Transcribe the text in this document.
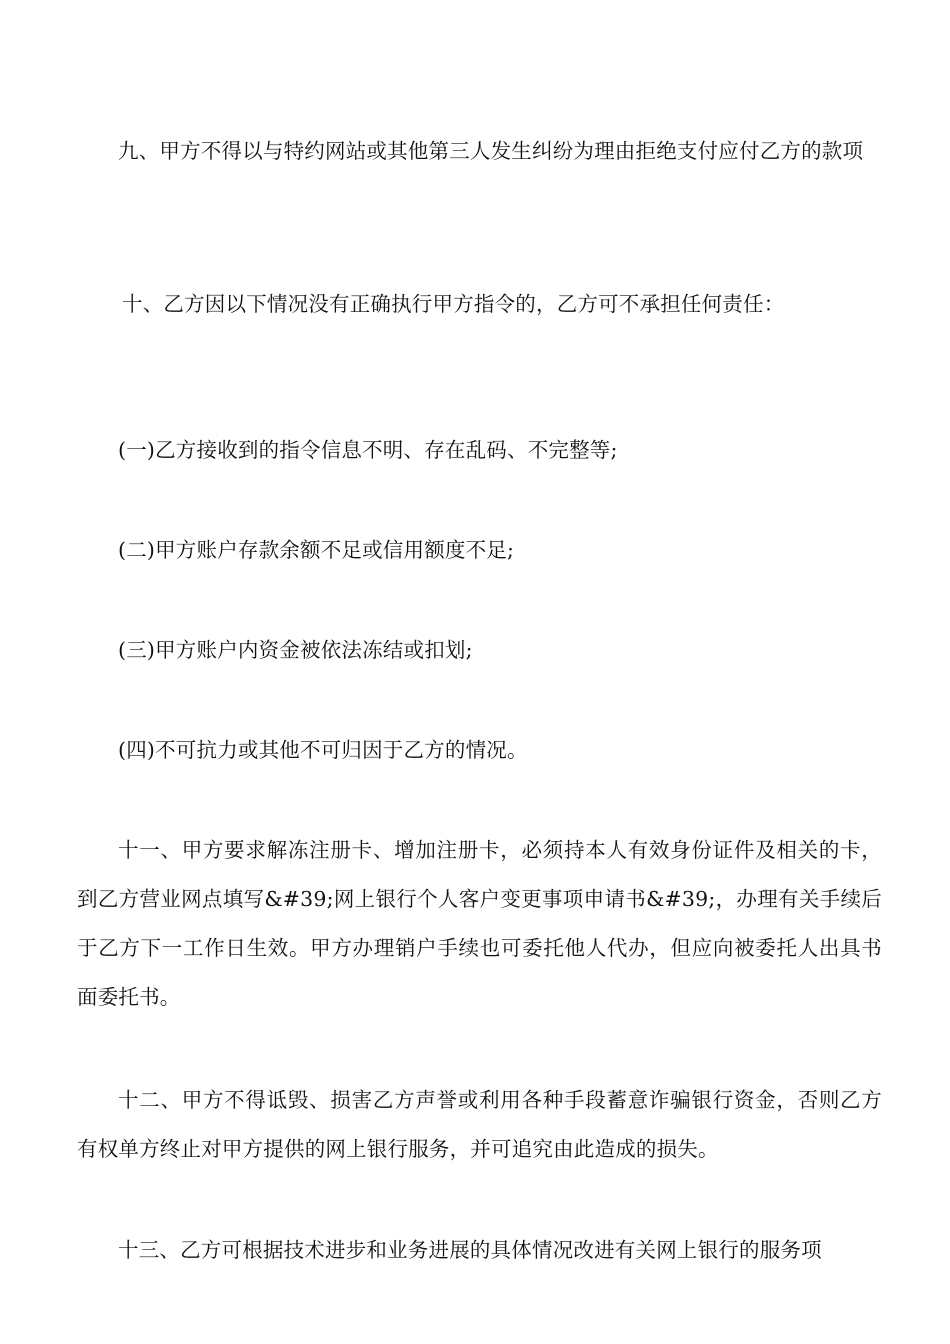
九、甲方不得以与特约网站或其他第三人发生纠纷为理由拒绝支付应付乙方的款项

十、乙方因以下情况没有正确执行甲方指令的，乙方可不承担任何责任：

(一)乙方接收到的指令信息不明、存在乱码、不完整等;

(二)甲方账户存款余额不足或信用额度不足;

(三)甲方账户内资金被依法冻结或扣划;

(四)不可抗力或其他不可归因于乙方的情况。

十一、甲方要求解冻注册卡、增加注册卡，必须持本人有效身份证件及相关的卡，到乙方营业网点填写&#39;网上银行个人客户变更事项申请书&#39;，办理有关手续后于乙方下一工作日生效。甲方办理销户手续也可委托他人代办，但应向被委托人出具书面委托书。

十二、甲方不得诋毁、损害乙方声誉或利用各种手段蓄意诈骗银行资金，否则乙方有权单方终止对甲方提供的网上银行服务，并可追究由此造成的损失。

十三、乙方可根据技术进步和业务进展的具体情况改进有关网上银行的服务项
